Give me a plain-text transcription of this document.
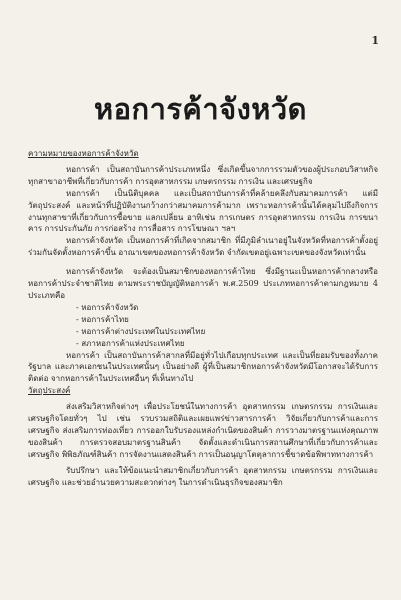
1
หอการค้าจังหวัด

ความหมายของหอการค้าจังหวัด

หอการค้า เป็นสถาบันการค้าประเภทหนึ่ง ซึ่งเกิดขึ้นจากการรวมตัวของผู้ประกอบวิสาหกิจทุกสาขาอาชีพที่เกี่ยวกับการค้า การอุตสาหกรรม เกษตรกรรม การเงิน และเศรษฐกิจ

หอการค้า เป็นนิติบุคคล และเป็นสถาบันการค้าที่คล้ายคลึงกับสมาคมการค้า แต่มีวัตถุประสงค์ และหน้าที่ปฏิบัติงานกว้างกว่าสมาคมการค้ามาก เพราะหอการค้านั้นได้คลุมไปถึงกิจการงานทุกสาขาที่เกี่ยวกับการซื้อขาย แลกเปลี่ยน อาทิเช่น การเกษตร การอุตสาหกรรม การเงิน การขนาคาร การประกันภัย การก่อสร้าง การสื่อสาร การโฆษณา ฯลฯ

หอการค้าจังหวัด เป็นหอการค้าที่เกิดจากสมาชิก ที่มีภูมิลำเนาอยู่ในจังหวัดที่หอการค้าตั้งอยู่ ร่วมกันจัดตั้งหอการค้าขึ้น อาณาเขตของหอการค้าจังหวัด จำกัดเขตอยู่เฉพาะเขตของจังหวัดเท่านั้น

หอการค้าจังหวัด จะต้องเป็นสมาชิกของหอการค้าไทย ซึ่งมีฐานะเป็นหอการค้ากลางหรือหอการค้าประจำชาติไทย ตามพระราชบัญญัติหอการค้า พ.ศ.2509 ประเภทหอการค้าตามกฎหมาย 4 ประเภทคือ

- หอการค้าจังหวัด
- หอการค้าไทย
- หอการค้าต่างประเทศในประเทศไทย
- สภาหอการค้าแห่งประเทศไทย

หอการค้า เป็นสถาบันการค้าสากลที่มีอยู่ทั่วไปเกือบทุกประเทศ และเป็นที่ยอมรับของทั้งภาครัฐบาล และภาคเอกชนในประเทศนั้นๆ เป็นอย่างดี ผู้ที่เป็นสมาชิกหอการค้าจังหวัดมีโอกาสจะได้รับการติดต่อ จากหอการค้าในประเทศอื่นๆ ที่เห็นทางไป

วัตถุประสงค์

ส่งเสริมวิสาหกิจต่างๆ เพื่อประโยชน์ในทางการค้า อุตสาหกรรม เกษตรกรรม การเงินและเศรษฐกิจโดยทั่วๆ ไป เช่น รวบรวมสถิติและเผยแพร่ข่าวสารการค้า วิจัยเกี่ยวกับการค้าและการเศรษฐกิจ ส่งเสริมการท่องเที่ยว การออกใบรับรองแหล่งกำเนิดของสินค้า การวางมาตรฐานแห่งคุณภาพของสินค้า การตรวจสอบมาตรฐานสินค้า จัดตั้งและดำเนินการสถานศึกษาที่เกี่ยวกับการค้าและเศรษฐกิจ พิพิธภัณฑ์สินค้า การจัดงานแสดงสินค้า การเป็นอนุญาโตตุลาการชี้ขาดข้อพิพาททางการค้า

รับปรึกษา และให้ข้อแนะนำสมาชิกเกี่ยวกับการค้า อุตสาหกรรม เกษตรกรรม การเงินและเศรษฐกิจ และช่วยอำนวยความสะดวกต่างๆ ในการดำเนินธุรกิจของสมาชิก
